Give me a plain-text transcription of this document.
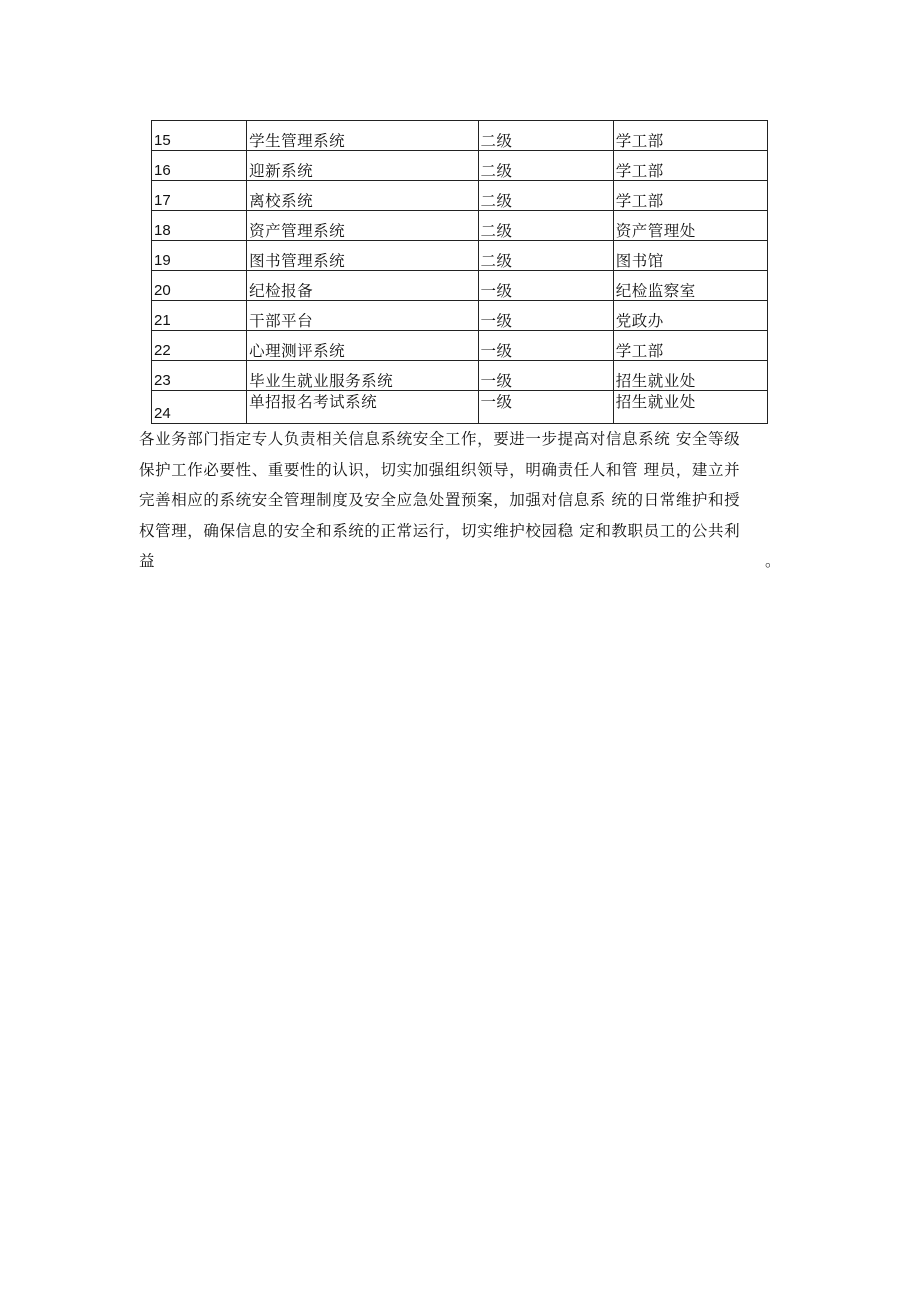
15	学生管理系统	二级	学工部
16	迎新系统	二级	学工部
17	离校系统	二级	学工部
18	资产管理系统	二级	资产管理处
19	图书管理系统	二级	图书馆
20	纪检报备	一级	纪检监察室
21	干部平台	一级	党政办
22	心理测评系统	一级	学工部
23	毕业生就业服务系统	一级	招生就业处
24	单招报名考试系统	一级	招生就业处
各业务部门指定专人负责相关信息系统安全工作，要进一步提高对信息系统 安全等级
保护工作必要性、重要性的认识，切实加强组织领导，明确责任人和管 理员，建立并
完善相应的系统安全管理制度及安全应急处置预案，加强对信息系 统的日常维护和授
权管理，确保信息的安全和系统的正常运行，切实维护校园稳 定和教职员工的公共利
益	。
